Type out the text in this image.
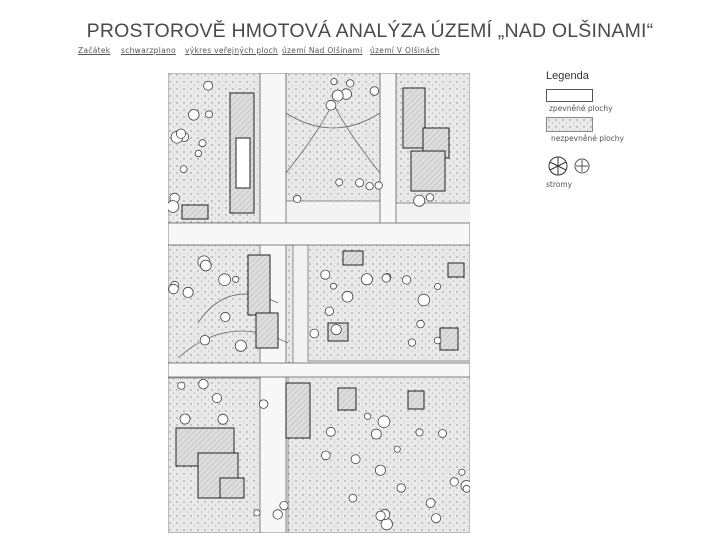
PROSTOROVĚ HMOTOVÁ ANALÝZA ÚZEMÍ „NAD OLŠINAMI“
Začátek schwarzplano výkres veřejných ploch území Nad Olšinami území V Olšinách
Legenda
zpevněné plochy
nezpevněné plochy
stromy
